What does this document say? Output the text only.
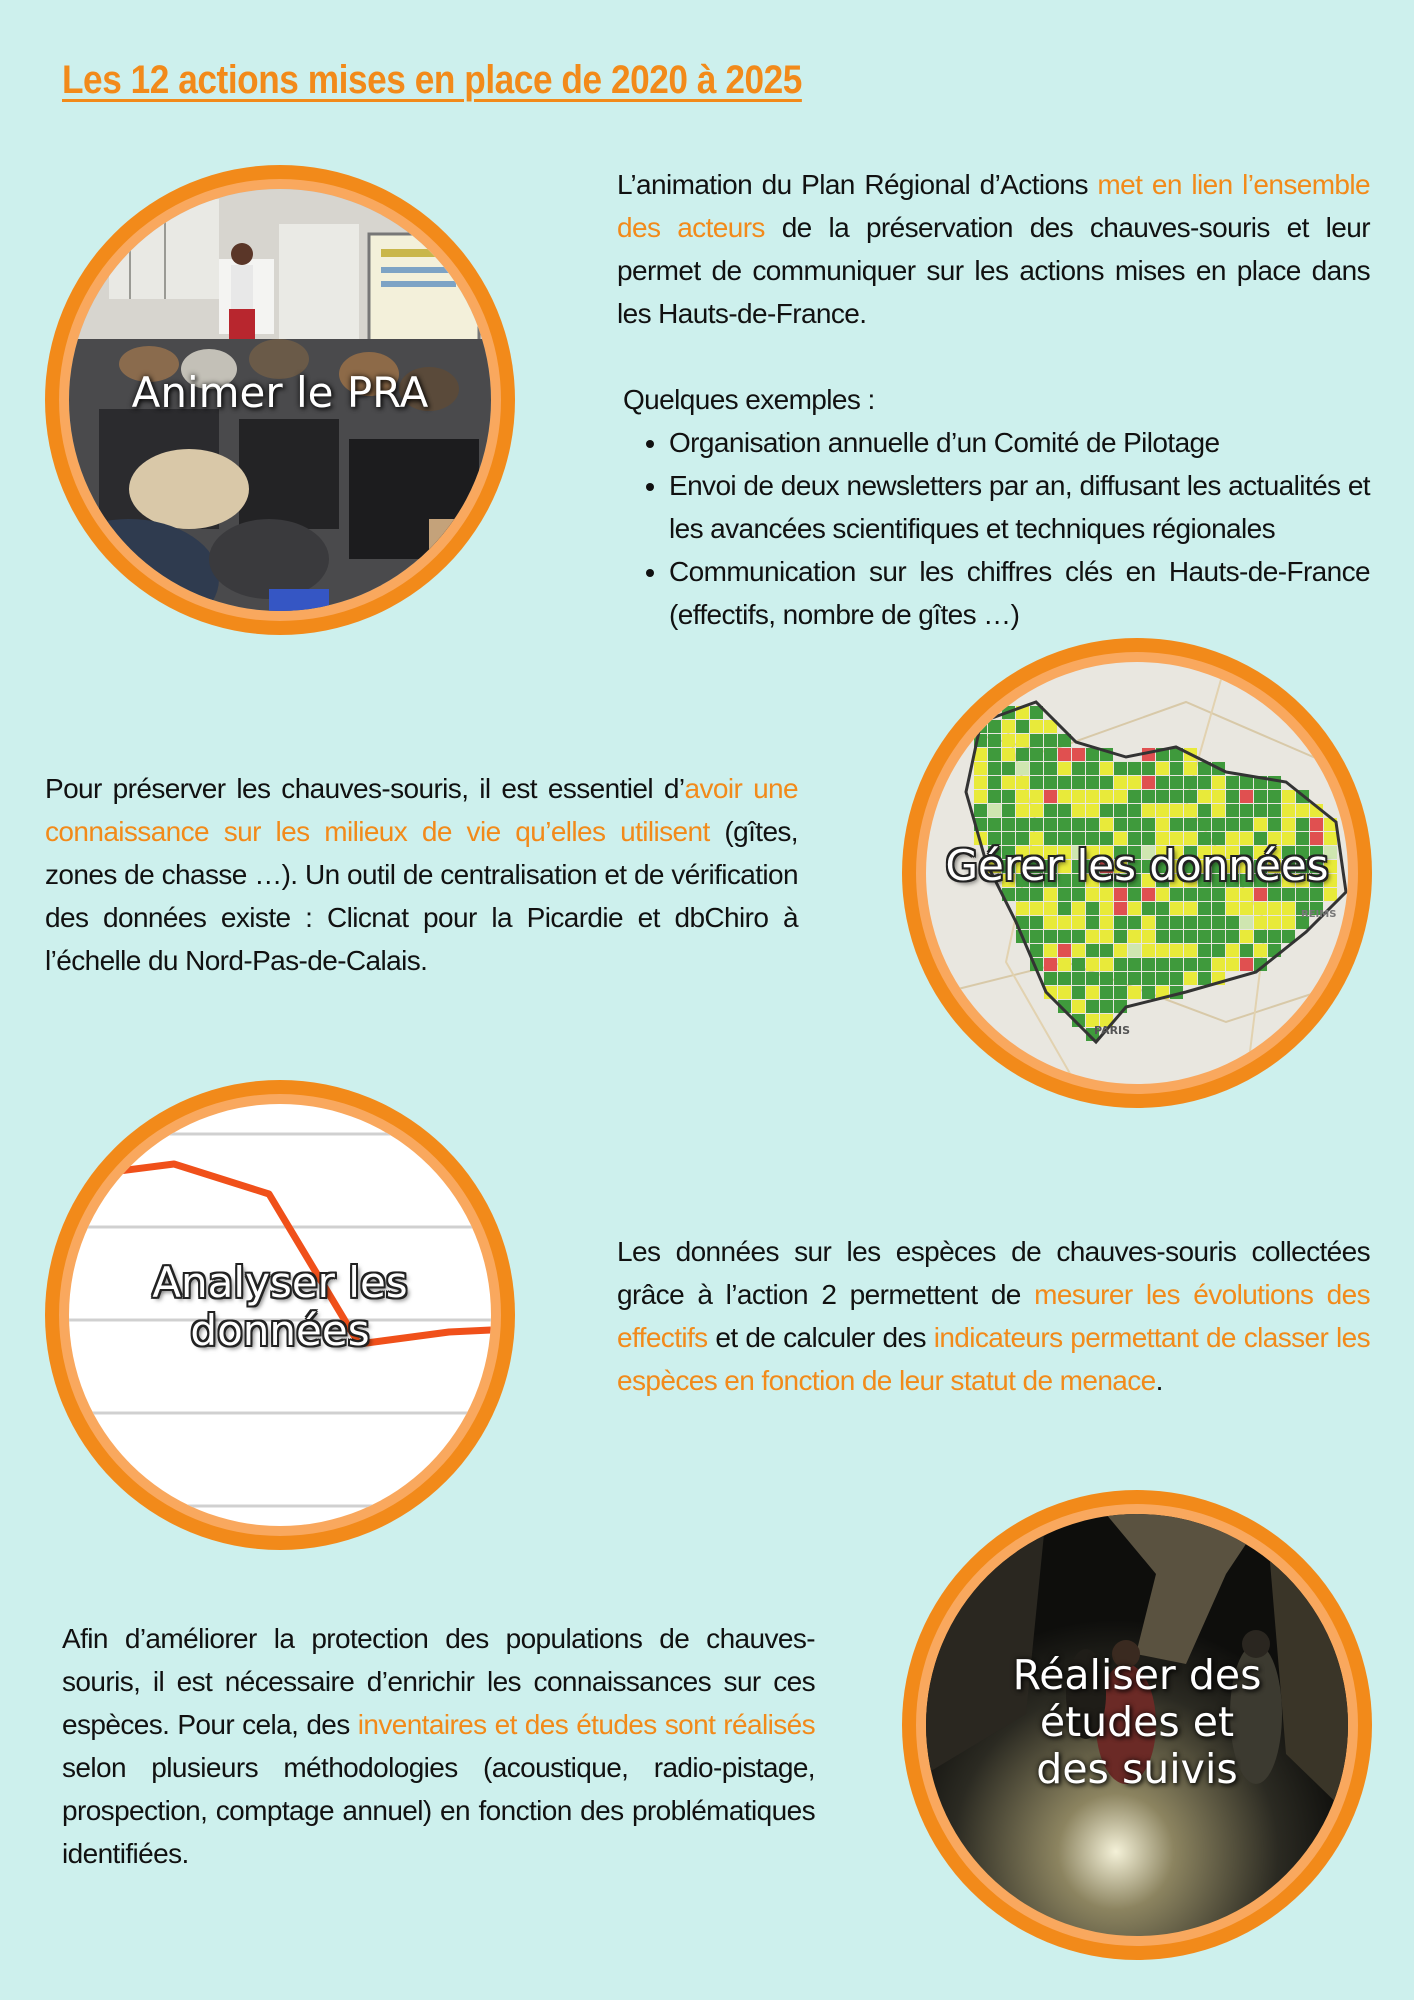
Les 12 actions mises en place de 2020 à 2025
Animer le PRA
L’animation du Plan Régional d’Actions met en lien l’ensemble des acteurs de la préservation des chauves-souris et leur permet de communiquer sur les actions mises en place dans les Hauts-de-France.

Quelques exemples :

• Organisation annuelle d’un Comité de Pilotage
• Envoi de deux newsletters par an, diffusant les actualités et les avancées scientifiques et techniques régionales
• Communication sur les chiffres clés en Hauts-de-France (effectifs, nombre de gîtes …)
Pour préserver les chauves-souris, il est essentiel d’avoir une connaissance sur les milieux de vie qu’elles utilisent (gîtes, zones de chasse …). Un outil de centralisation et de vérification des données existe : Clicnat pour la Picardie et dbChiro à l’échelle du Nord-Pas-de-Calais.
PARIS
REIMS
Gérer les données
Analyser les
données
Les données sur les espèces de chauves-souris collectées grâce à l’action 2 permettent de mesurer les évolutions des effectifs et de calculer des indicateurs permettant de classer les espèces en fonction de leur statut de menace.
Afin d’améliorer la protection des populations de chauves-souris, il est nécessaire d’enrichir les connaissances sur ces espèces. Pour cela, des inventaires et des études sont réalisés selon plusieurs méthodologies (acoustique, radio-pistage, prospection, comptage annuel) en fonction des problématiques identifiées.
Réaliser des
études et
des suivis
